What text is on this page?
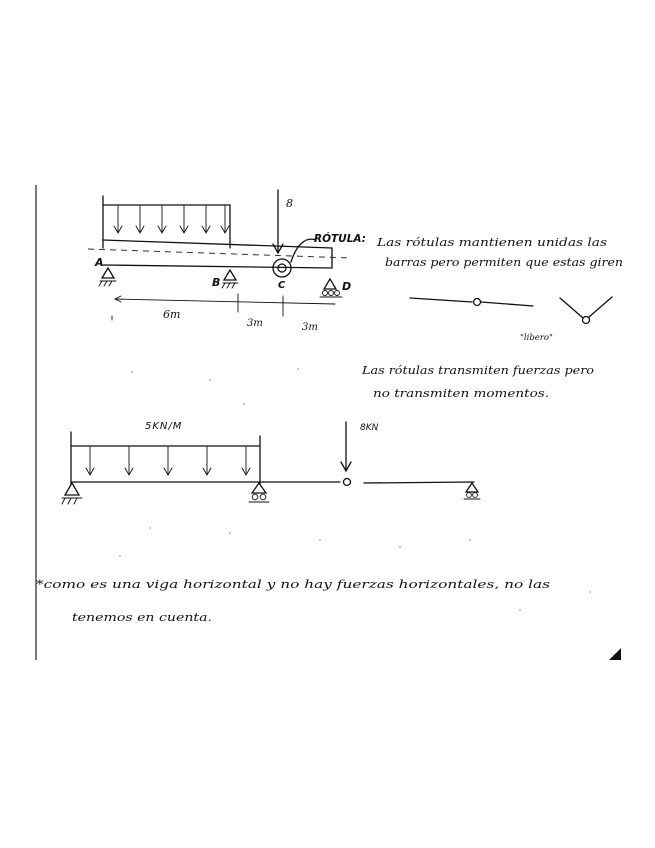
8
A
B	C	D
6m
3m	3m
RÓTULA: Las rótulas mantienen unidas las
barras pero permiten que estas giren
"libero"
Las rótulas transmiten fuerzas pero
no transmiten momentos.
5KN/M	8KN
*como es una viga horizontal y no hay fuerzas horizontales, no las
tenemos en cuenta.
